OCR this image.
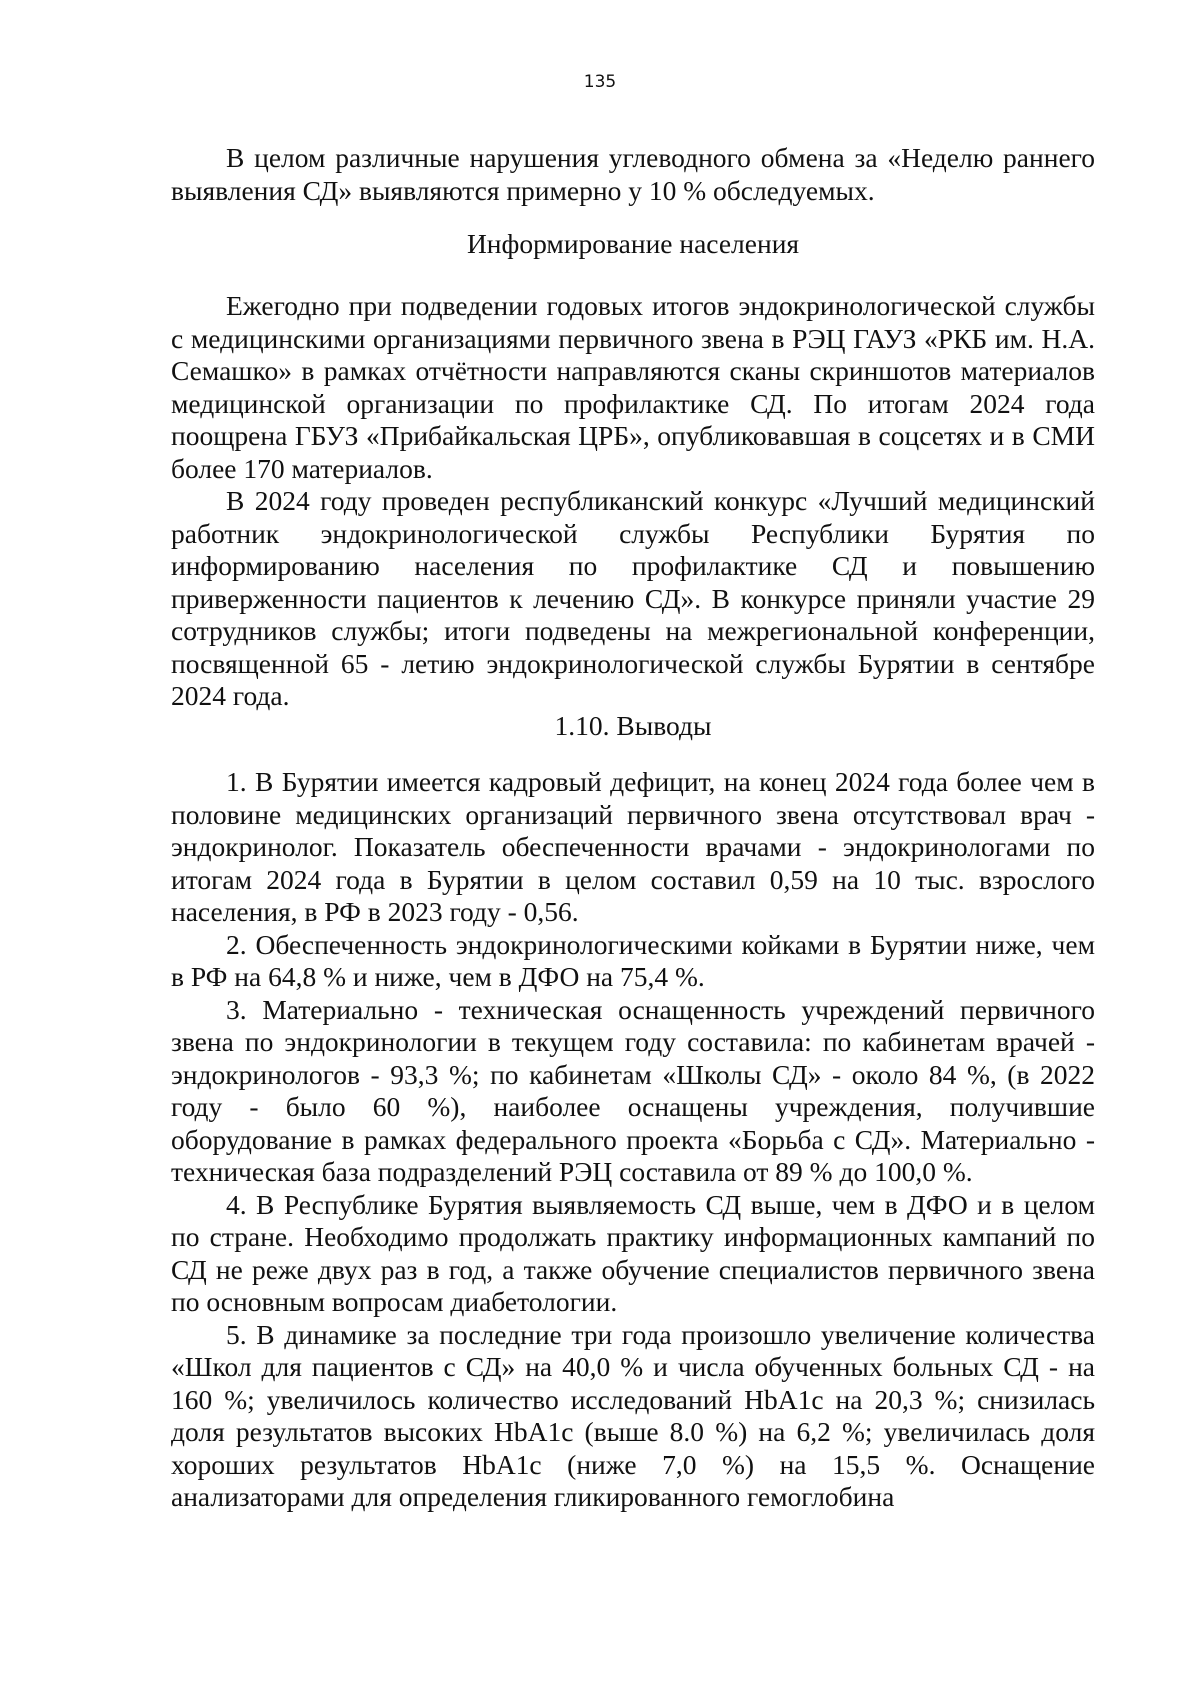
135

В целом различные нарушения углеводного обмена за «Неделю раннего выявления СД» выявляются примерно у 10 % обследуемых.

Информирование населения

Ежегодно при подведении годовых итогов эндокринологической службы с медицинскими организациями первичного звена в РЭЦ ГАУЗ «РКБ им. Н.А. Семашко» в рамках отчётности направляются сканы скриншотов материалов медицинской организации по профилактике СД. По итогам 2024 года поощрена ГБУЗ «Прибайкальская ЦРБ», опубликовавшая в соцсетях и в СМИ более 170 материалов.

В 2024 году проведен республиканский конкурс «Лучший медицинский работник эндокринологической службы Республики Бурятия по информированию населения по профилактике СД и повышению приверженности пациентов к лечению СД». В конкурсе приняли участие 29 сотрудников службы; итоги подведены на межрегиональной конференции, посвященной 65 - летию эндокринологической службы Бурятии в сентябре 2024 года.

1.10. Выводы

1. В Бурятии имеется кадровый дефицит, на конец 2024 года более чем в половине медицинских организаций первичного звена отсутствовал врач - эндокринолог. Показатель обеспеченности врачами - эндокринологами по итогам 2024 года в Бурятии в целом составил 0,59 на 10 тыс. взрослого населения, в РФ в 2023 году - 0,56.

2. Обеспеченность эндокринологическими койками в Бурятии ниже, чем в РФ на 64,8 % и ниже, чем в ДФО на 75,4 %.

3. Материально - техническая оснащенность учреждений первичного звена по эндокринологии в текущем году составила: по кабинетам врачей - эндокринологов - 93,3 %; по кабинетам «Школы СД» - около 84 %, (в 2022 году - было 60 %), наиболее оснащены учреждения, получившие оборудование в рамках федерального проекта «Борьба с СД». Материально - техническая база подразделений РЭЦ составила от 89 % до 100,0 %.

4. В Республике Бурятия выявляемость СД выше, чем в ДФО и в целом по стране. Необходимо продолжать практику информационных кампаний по СД не реже двух раз в год, а также обучение специалистов первичного звена по основным вопросам диабетологии.

5. В динамике за последние три года произошло увеличение количества «Школ для пациентов с СД» на 40,0 % и числа обученных больных СД - на 160 %; увеличилось количество исследований HbA1c на 20,3 %; снизилась доля результатов высоких HbA1c (выше 8.0 %) на 6,2 %; увеличилась доля хороших результатов HbA1c (ниже 7,0 %) на 15,5 %. Оснащение анализаторами для определения гликированного гемоглобина
